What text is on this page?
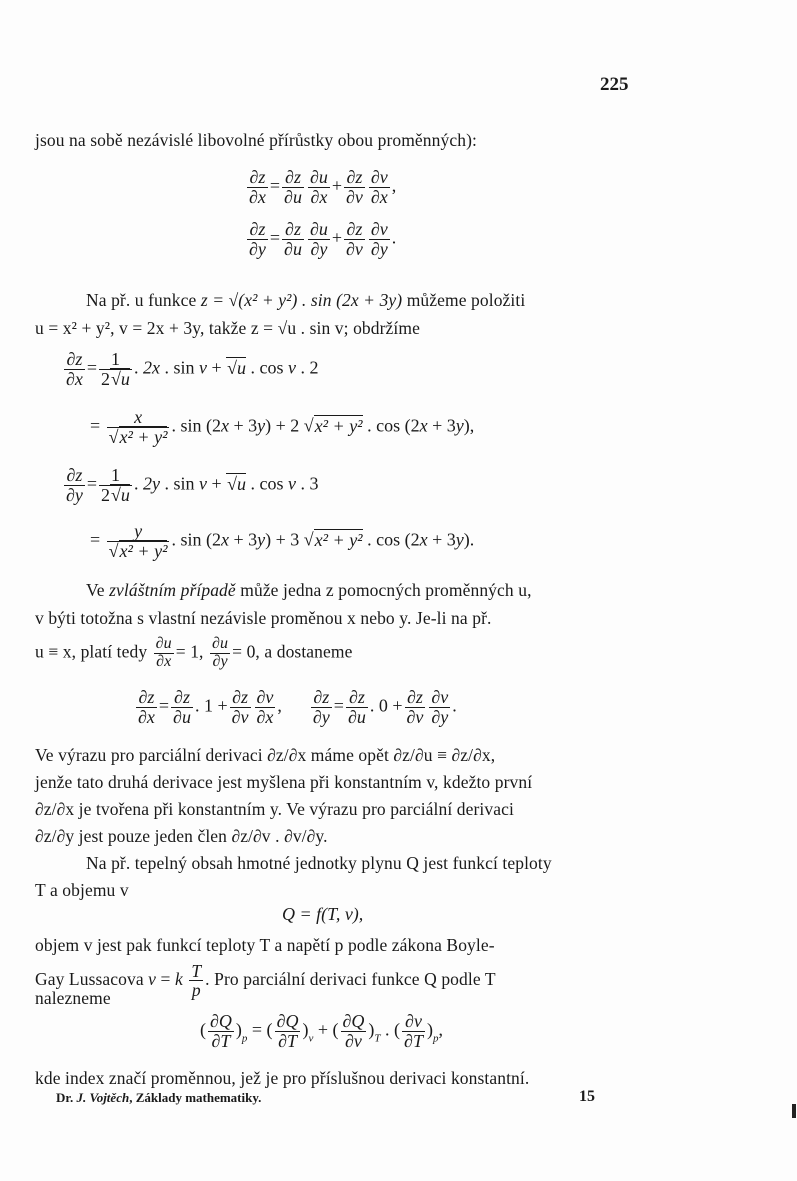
225
jsou na sobě nezávislé libovolné přírůstky obou proměnných):
$\frac{\partial z}{\partial x} = \frac{\partial z}{\partial u} \frac{\partial u}{\partial x} + \frac{\partial z}{\partial v} \frac{\partial v}{\partial x}$ ,
$\frac{\partial z}{\partial y} = \frac{\partial z}{\partial u} \frac{\partial u}{\partial y} + \frac{\partial z}{\partial v} \frac{\partial v}{\partial y}$ .
Na př. u funkce z = √(x² + y²) . sin (2x + 3y) můžeme položiti
u = x² + y², v = 2x + 3y, takže z = √u . sin v; obdržíme
$\frac{\partial z}{\partial x} = \frac{1}{2√u}$ . 2x . sin v + √u . cos v . 2
= $\frac{x}{\text{√x² + y²}}$ . sin (2x + 3y) + 2 √x² + y² . cos (2x + 3y),
$\frac{\partial z}{\partial y} = \frac{1}{2√u}$ . 2y . sin v + √u . cos v . 3
= $\frac{y}{\text{√x² + y²}}$ . sin (2x + 3y) + 3 √x² + y² . cos (2x + 3y).
Ve zvláštním případě může jedna z pomocných proměnných u,
v býti totožna s vlastní nezávisle proměnou x nebo y. Je-li na př.
u ≡ x, platí tedy $\frac{\partial u}{\partial x} = 1$, $\frac{\partial u}{\partial y} = 0$, a dostaneme
$\frac{\partial z}{\partial x} = \frac{\partial z}{\partial u}$ . $1 + \frac{\partial z}{\partial v} \frac{\partial v}{\partial x}$ , $\frac{\partial z}{\partial y} = \frac{\partial z}{\partial u}$ . $0 + \frac{\partial z}{\partial v} \frac{\partial v}{\partial y}$ .
Ve výrazu pro parciální derivaci ∂z/∂x máme opět ∂z/∂u ≡ ∂z/∂x,
jenže tato druhá derivace jest myšlena při konstantním v, kdežto první
∂z/∂x je tvořena při konstantním y. Ve výrazu pro parciální derivaci
∂z/∂y jest pouze jeden člen ∂z/∂v . ∂v/∂y.
Na př. tepelný obsah hmotné jednotky plynu Q jest funkcí teploty
T a objemu v
Q = f(T, v),
objem v jest pak funkcí teploty T a napětí p podle zákona Boyle-
Gay Lussacova v = k $\frac{T}{p}$ . Pro parciální derivaci funkce Q podle T
nalezneme
( $\frac{\partial Q}{\partial T} )_p$ = ( $\frac{\partial Q}{\partial T} )_v$ + ( $\frac{\partial Q}{\partial v} )_T$ . ( $\frac{\partial v}{\partial T} )_p$,
kde index značí proměnnou, jež je pro příslušnou derivaci konstantní.
Dr. J. Vojtěch, Základy mathematiky.	15
